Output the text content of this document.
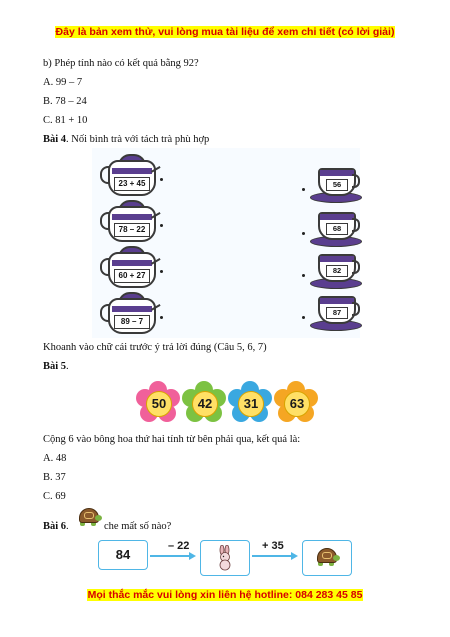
Đây là bản xem thử, vui lòng mua tài liệu để xem chi tiết (có lời giải)
b) Phép tính nào có kết quả bằng 92?
A. 99 – 7
B. 78 – 24
C. 81 + 10
Bài 4. Nối bình trà với tách trà phù hợp
23 + 45
78 – 22
60 + 27
89 – 7
56
68
82
87
Khoanh vào chữ cái trước ý trả lời đúng (Câu 5, 6, 7)
Bài 5.
50	42	31	63
Cộng 6 vào bông hoa thứ hai tính từ bên phải qua, kết quả là:
A. 48
B. 37
C. 69
Bài 6.	che mất số nào?
84
– 22	+ 35
Mọi thắc mắc vui lòng xin liên hệ hotline: 084 283 45 85
